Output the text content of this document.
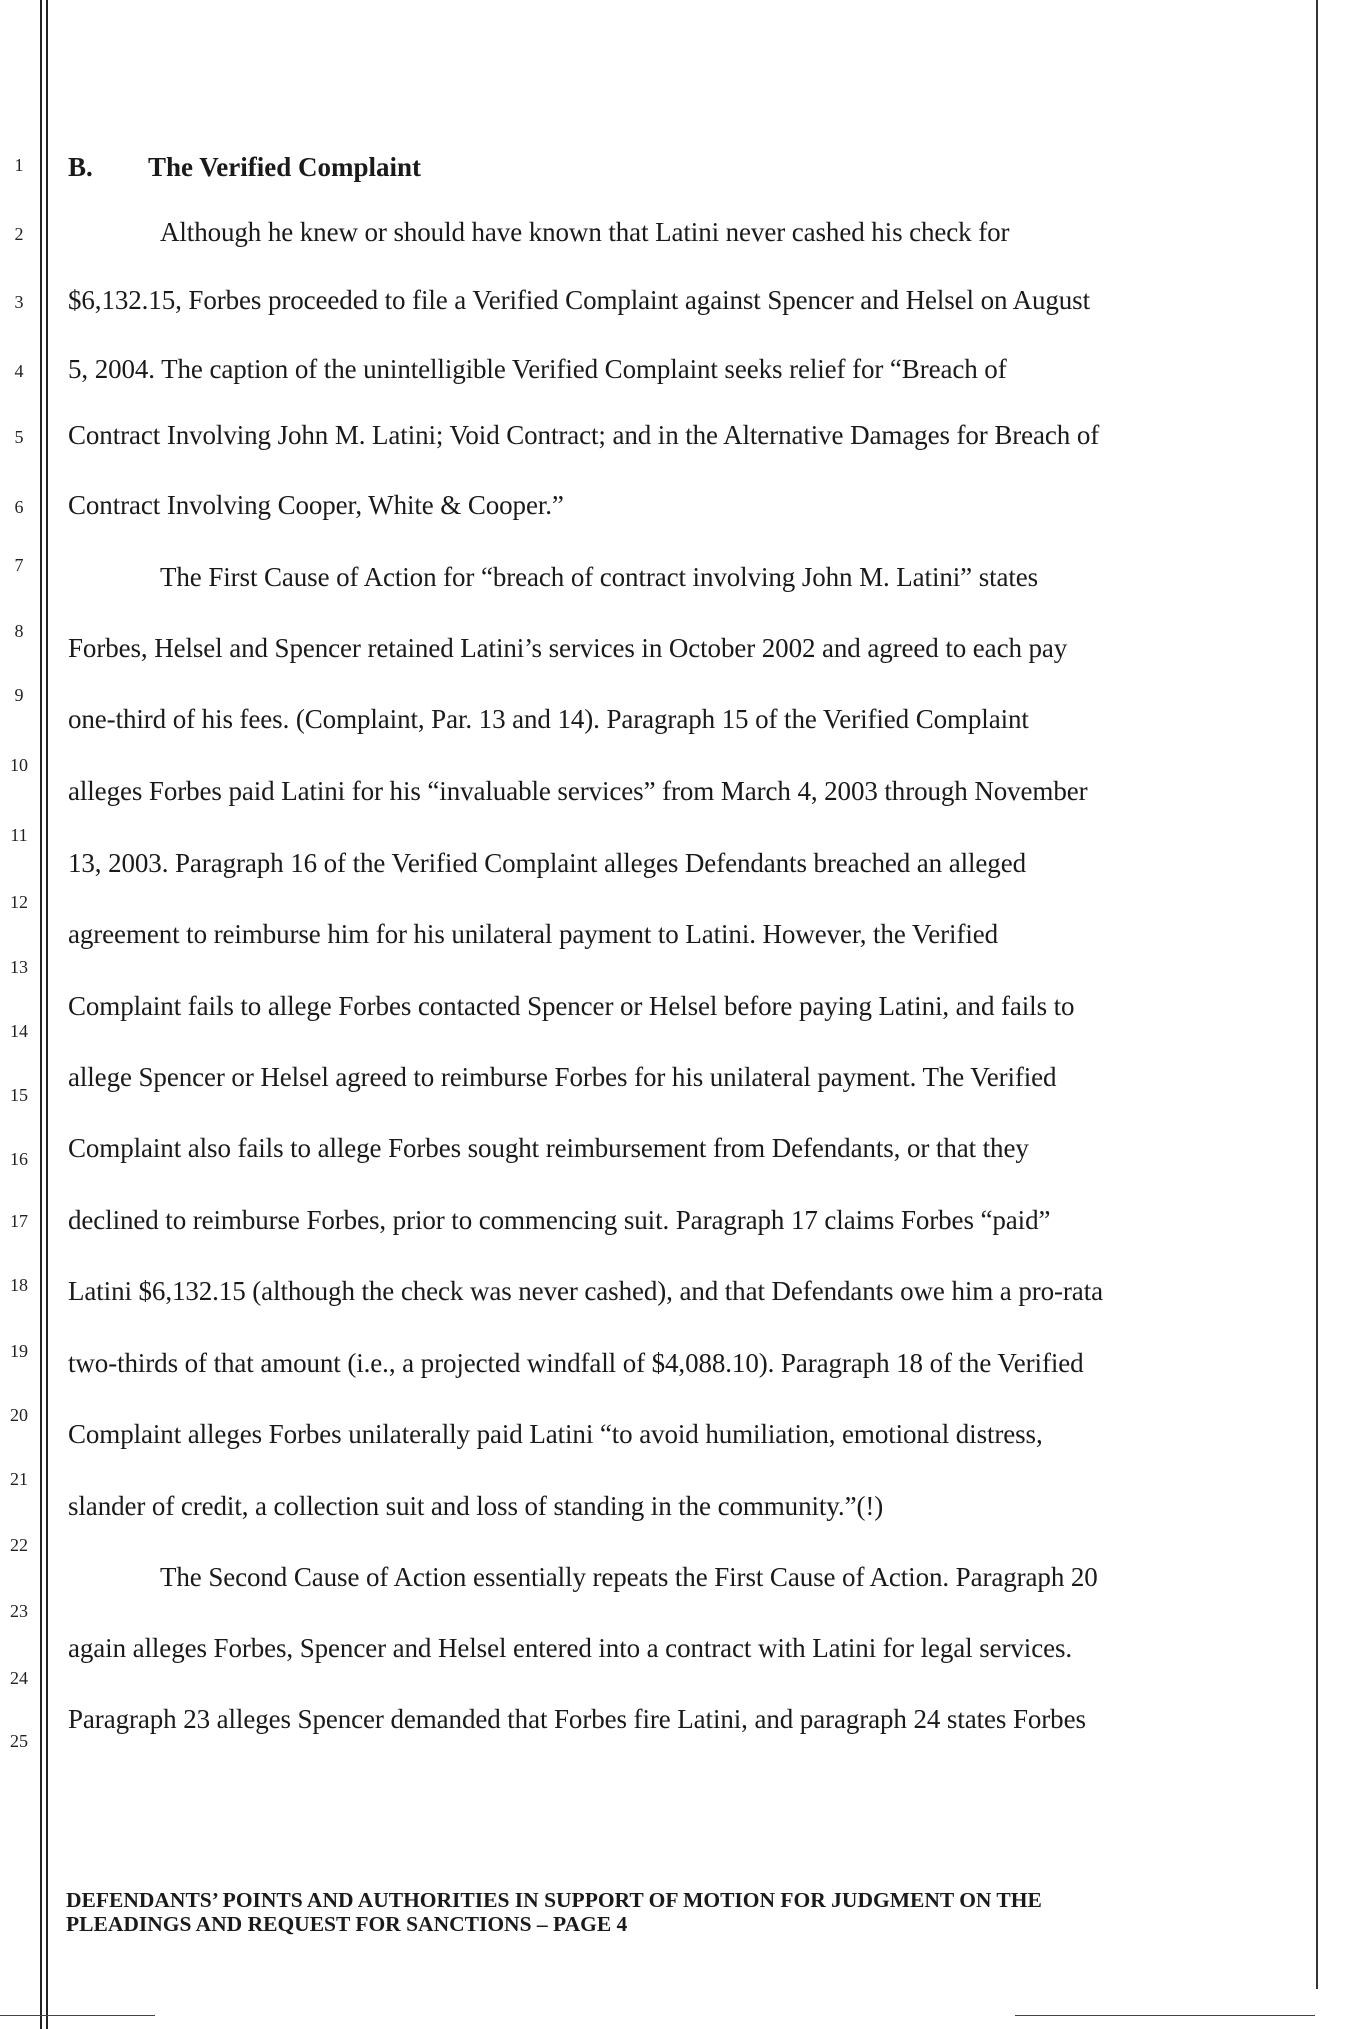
1
2
3
4
5
6
7
8
9
10
11
12
13
14
15
16
17
18
19
20
21
22
23
24
25
B. The Verified Complaint
Although he knew or should have known that Latini never cashed his check for
$6,132.15, Forbes proceeded to file a Verified Complaint against Spencer and Helsel on August
5, 2004. The caption of the unintelligible Verified Complaint seeks relief for “Breach of
Contract Involving John M. Latini; Void Contract; and in the Alternative Damages for Breach of
Contract Involving Cooper, White & Cooper.”
The First Cause of Action for “breach of contract involving John M. Latini” states
Forbes, Helsel and Spencer retained Latini’s services in October 2002 and agreed to each pay
one-third of his fees. (Complaint, Par. 13 and 14). Paragraph 15 of the Verified Complaint
alleges Forbes paid Latini for his “invaluable services” from March 4, 2003 through November
13, 2003. Paragraph 16 of the Verified Complaint alleges Defendants breached an alleged
agreement to reimburse him for his unilateral payment to Latini. However, the Verified
Complaint fails to allege Forbes contacted Spencer or Helsel before paying Latini, and fails to
allege Spencer or Helsel agreed to reimburse Forbes for his unilateral payment. The Verified
Complaint also fails to allege Forbes sought reimbursement from Defendants, or that they
declined to reimburse Forbes, prior to commencing suit. Paragraph 17 claims Forbes “paid”
Latini $6,132.15 (although the check was never cashed), and that Defendants owe him a pro-rata
two-thirds of that amount (i.e., a projected windfall of $4,088.10). Paragraph 18 of the Verified
Complaint alleges Forbes unilaterally paid Latini “to avoid humiliation, emotional distress,
slander of credit, a collection suit and loss of standing in the community.”(!)
The Second Cause of Action essentially repeats the First Cause of Action. Paragraph 20
again alleges Forbes, Spencer and Helsel entered into a contract with Latini for legal services.
Paragraph 23 alleges Spencer demanded that Forbes fire Latini, and paragraph 24 states Forbes
DEFENDANTS’ POINTS AND AUTHORITIES IN SUPPORT OF MOTION FOR JUDGMENT ON THE
PLEADINGS AND REQUEST FOR SANCTIONS – PAGE 4
